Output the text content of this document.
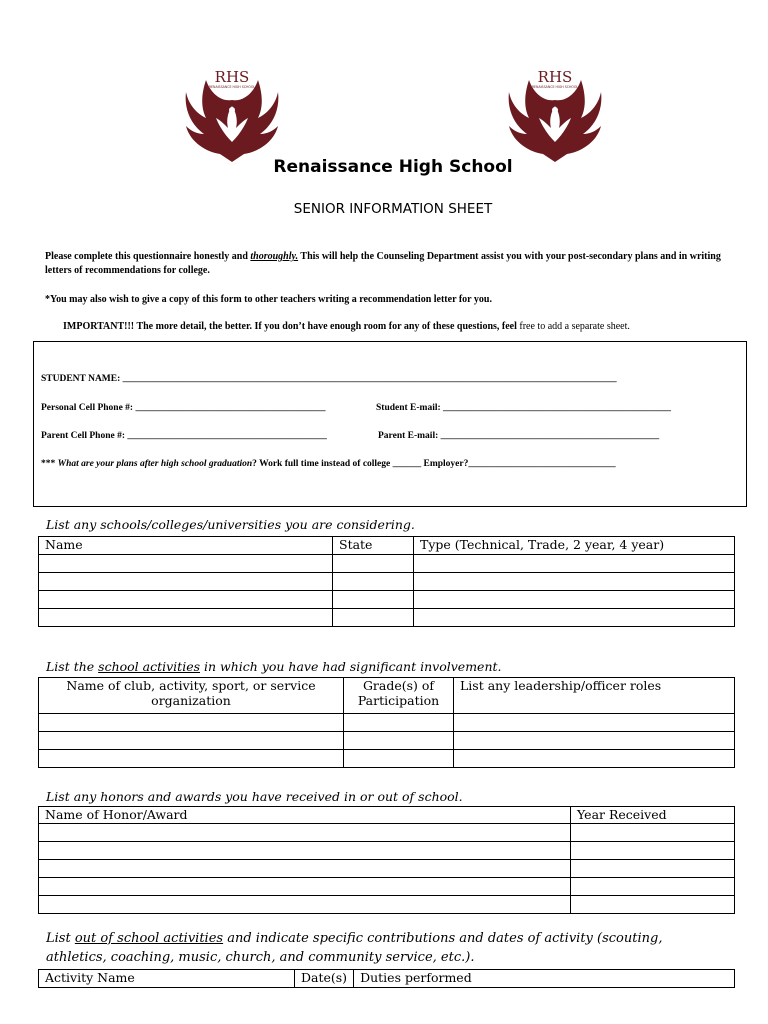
RHS
RENAISSANCE HIGH SCHOOL
RHS
RENAISSANCE HIGH SCHOOL
Renaissance High School
SENIOR INFORMATION SHEET
Please complete this questionnaire honestly and thoroughly. This will help the Counseling Department assist you with your post-secondary plans and in writing letters of recommendations for college.
*You may also wish to give a copy of this form to other teachers writing a recommendation letter for you.
IMPORTANT!!! The more detail, the better. If you don’t have enough room for any of these questions, feel free to add a separate sheet.
STUDENT NAME: ________________________________________________________________________________________________________
Personal Cell Phone #: ________________________________________	Student E-mail: ________________________________________________
Parent Cell Phone #: __________________________________________	Parent E-mail: ______________________________________________
*** What are your plans after high school graduation? Work full time instead of college ______ Employer?_______________________________
List any schools/colleges/universities you are considering.
Name	State	Type (Technical, Trade, 2 year, 4 year)

List the school activities in which you have had significant involvement.
Name of club, activity, sport, or service organization	Grade(s) of Participation	List any leadership/officer roles

List any honors and awards you have received in or out of school.
Name of Honor/Award	Year Received

List out of school activities and indicate specific contributions and dates of activity (scouting,
athletics, coaching, music, church, and community service, etc.).
Activity Name	Date(s)	Duties performed
